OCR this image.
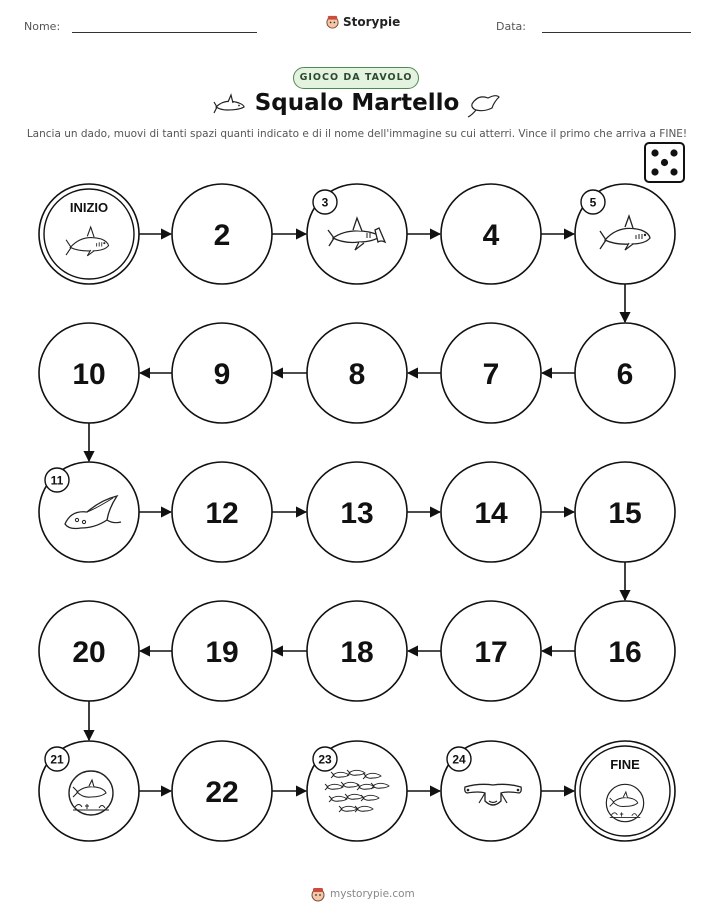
Nome:	Storypie	Data:
GIOCO DA TAVOLO
Squalo Martello
Lancia un dado, muovi di tanti spazi quanti indicato e di il nome dell'immagine su cui atterri. Vince il primo che arriva a FINE!
INIZIO
2
3
4
5
6
7
8
9
10
11
12	13	14	15
16
17
18
19
20
21
22
23	24	FINE
mystorypie.com
